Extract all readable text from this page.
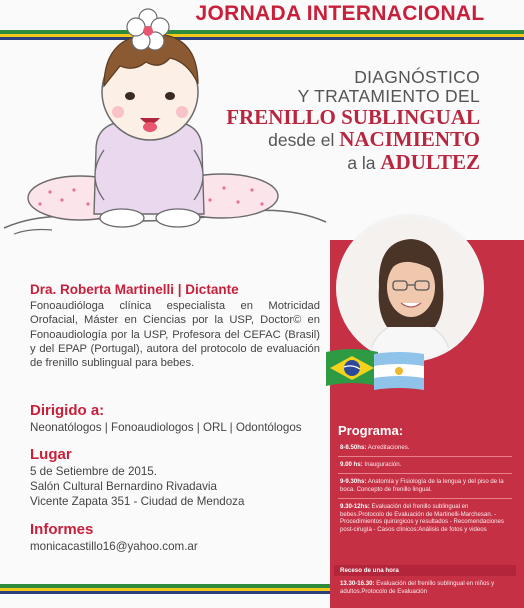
JORNADA INTERNACIONAL
DIAGNÓSTICO
Y TRATAMIENTO DEL
FRENILLO SUBLINGUAL
desde el NACIMIENTO
a la ADULTEZ
Dra. Roberta Martinelli | Dictante
Fonoaudióloga clínica especialista en Motricidad Orofacial, Máster en Ciencias por la USP, Doctor© en Fonoaudiología por la USP, Profesora del CEFAC (Brasil) y del EPAP (Portugal), autora del protocolo de evaluación de frenillo sublingual para bebes.
Dirigido a:
Neonatólogos | Fonoaudiologos | ORL | Odontólogos
Lugar
5 de Setiembre de 2015.
Salón Cultural Bernardino Rivadavia
Vicente Zapata 351 - Ciudad de Mendoza
Informes
monicacastillo16@yahoo.com.ar
Programa:
8-8.50hs: Acreditaciones.
9.00 hs: Inauguración.
9-9.30hs: Anatomía y Fisiología de la lengua y del piso de la boca. Concepto de frenillo lingual.
9.30-12hs: Evaluación del frenillo sublingual en bebes.Protocolo de Evaluación de Martinelli-Marchesan. - Procedimientos quirúrgicos y resultados - Recomendaciones post-cirugía - Casos clínicos:Análisis de fotos y videos
Receso de una hora
13.30-16.30: Evaluación del frenillo sublingual en niños y adultos.Protocolo de Evaluación
